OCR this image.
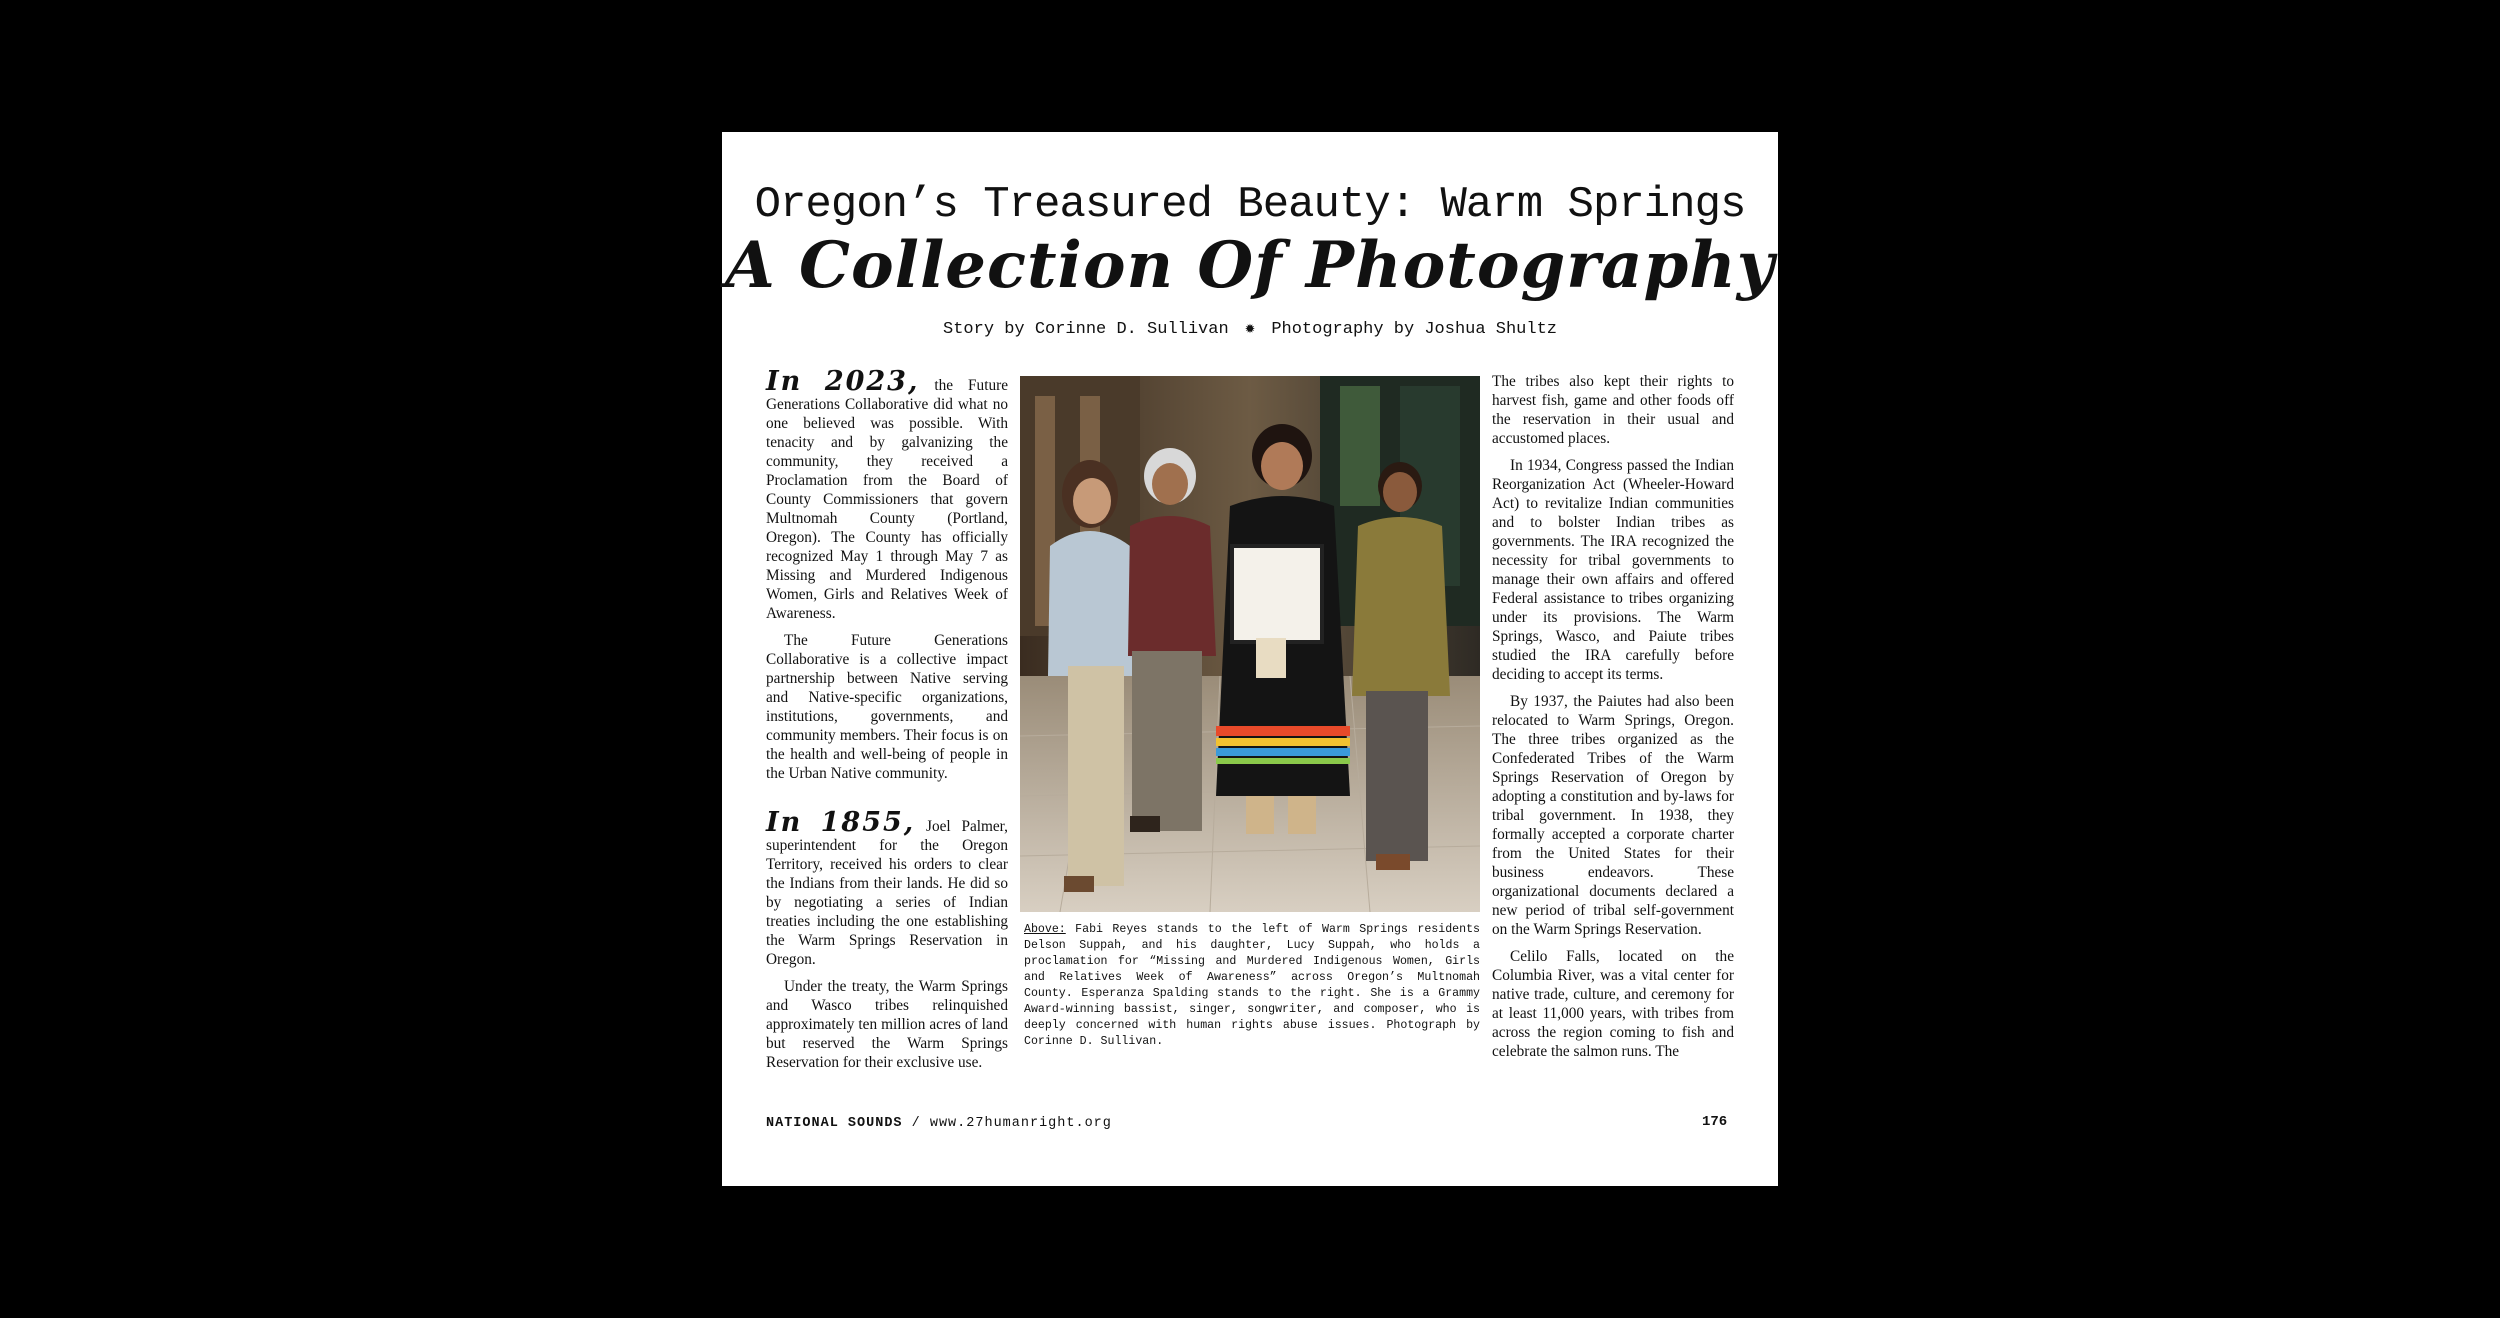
Oregon’s Treasured Beauty: Warm Springs
A Collection Of Photography
Story by Corinne D. Sullivan ✹ Photography by Joshua Shultz

In 2023, the Future Generations Collaborative did what no one believed was possible. With tenacity and by galvanizing the community, they received a Proclamation from the Board of County Commissioners that govern Multnomah County (Portland, Oregon). The County has officially recognized May 1 through May 7 as Missing and Murdered Indigenous Women, Girls and Relatives Week of Awareness.

The Future Generations Collaborative is a collective impact partnership between Native serving and Native-specific organizations, institutions, governments, and community members. Their focus is on the health and well-being of people in the Urban Native community.

In 1855, Joel Palmer, superintendent for the Oregon Territory, received his orders to clear the Indians from their lands. He did so by negotiating a series of Indian treaties including the one establishing the Warm Springs Reservation in Oregon.

Under the treaty, the Warm Springs and Wasco tribes relinquished approximately ten million acres of land but reserved the Warm Springs Reservation for their exclusive use.

Above: Fabi Reyes stands to the left of Warm Springs residents Delson Suppah, and his daughter, Lucy Suppah, who holds a proclamation for “Missing and Murdered Indigenous Women, Girls and Relatives Week of Awareness” across Oregon’s Multnomah County. Esperanza Spalding stands to the right. She is a Grammy Award-winning bassist, singer, songwriter, and composer, who is deeply concerned with human rights abuse issues. Photograph by Corinne D. Sullivan.

The tribes also kept their rights to harvest fish, game and other foods off the reservation in their usual and accustomed places.

In 1934, Congress passed the Indian Reorganization Act (Wheeler-Howard Act) to revitalize Indian communities and to bolster Indian tribes as governments. The IRA recognized the necessity for tribal governments to manage their own affairs and offered Federal assistance to tribes organizing under its provisions. The Warm Springs, Wasco, and Paiute tribes studied the IRA carefully before deciding to accept its terms.

By 1937, the Paiutes had also been relocated to Warm Springs, Oregon. The three tribes organized as the Confederated Tribes of the Warm Springs Reservation of Oregon by adopting a constitution and by-laws for tribal government. In 1938, they formally accepted a corporate charter from the United States for their business endeavors. These organizational documents declared a new period of tribal self-government on the Warm Springs Reservation.

Celilo Falls, located on the Columbia River, was a vital center for native trade, culture, and ceremony for at least 11,000 years, with tribes from across the region coming to fish and celebrate the salmon runs. The

NATIONAL SOUNDS / www.27humanright.org	176
